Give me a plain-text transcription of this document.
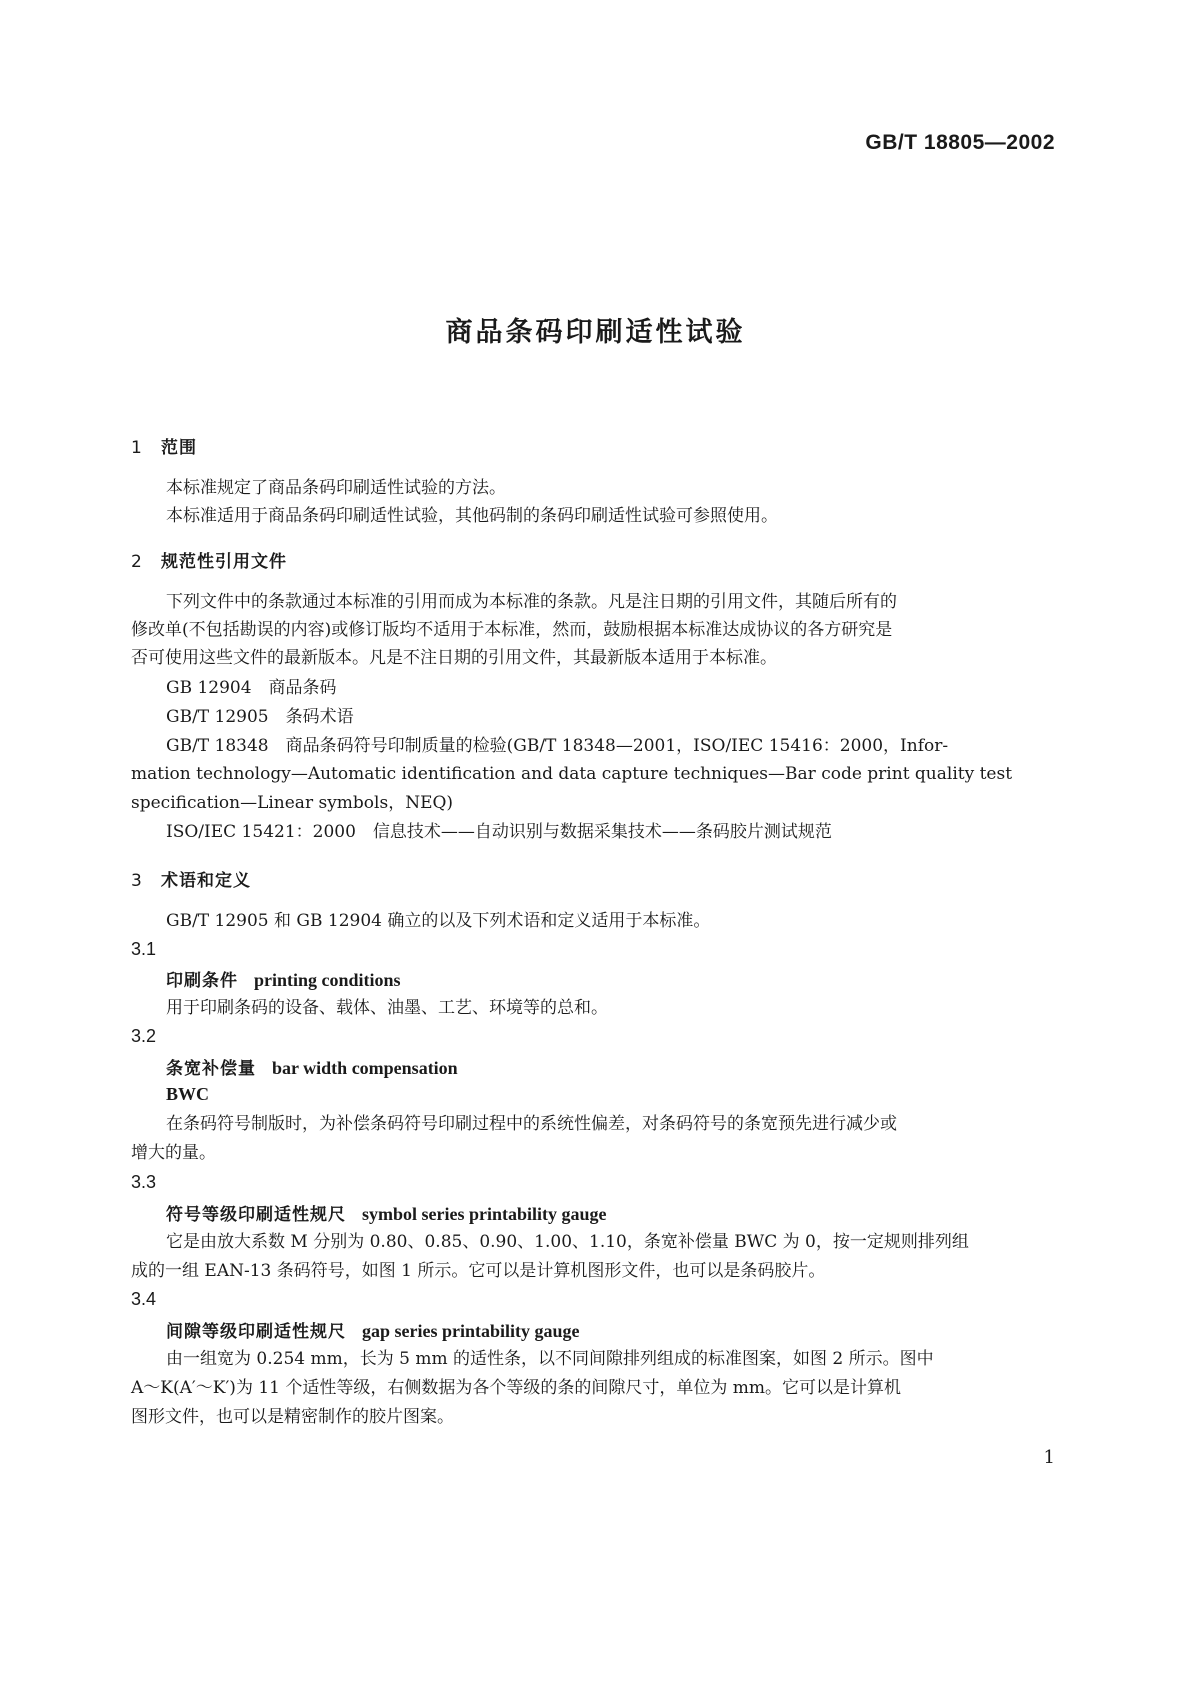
GB/T 18805—2002
商品条码印刷适性试验
1 范围
本标准规定了商品条码印刷适性试验的方法。
本标准适用于商品条码印刷适性试验，其他码制的条码印刷适性试验可参照使用。
2 规范性引用文件
下列文件中的条款通过本标准的引用而成为本标准的条款。凡是注日期的引用文件，其随后所有的
修改单(不包括勘误的内容)或修订版均不适用于本标准，然而，鼓励根据本标准达成协议的各方研究是
否可使用这些文件的最新版本。凡是不注日期的引用文件，其最新版本适用于本标准。
GB 12904　商品条码
GB/T 12905　条码术语
GB/T 18348　商品条码符号印制质量的检验(GB/T 18348—2001，ISO/IEC 15416：2000，Infor-
mation technology—Automatic identification and data capture techniques—Bar code print quality test
specification—Linear symbols，NEQ)
ISO/IEC 15421：2000　信息技术——自动识别与数据采集技术——条码胶片测试规范
3 术语和定义
GB/T 12905 和 GB 12904 确立的以及下列术语和定义适用于本标准。
3.1
印刷条件 printing conditions
用于印刷条码的设备、载体、油墨、工艺、环境等的总和。
3.2
条宽补偿量 bar width compensation
BWC
在条码符号制版时，为补偿条码符号印刷过程中的系统性偏差，对条码符号的条宽预先进行减少或
增大的量。
3.3
符号等级印刷适性规尺 symbol series printability gauge
它是由放大系数 M 分别为 0.80、0.85、0.90、1.00、1.10，条宽补偿量 BWC 为 0，按一定规则排列组
成的一组 EAN-13 条码符号，如图 1 所示。它可以是计算机图形文件，也可以是条码胶片。
3.4
间隙等级印刷适性规尺 gap series printability gauge
由一组宽为 0.254 mm，长为 5 mm 的适性条，以不同间隙排列组成的标准图案，如图 2 所示。图中
A～K(A′～K′)为 11 个适性等级，右侧数据为各个等级的条的间隙尺寸，单位为 mm。它可以是计算机
图形文件，也可以是精密制作的胶片图案。
1
